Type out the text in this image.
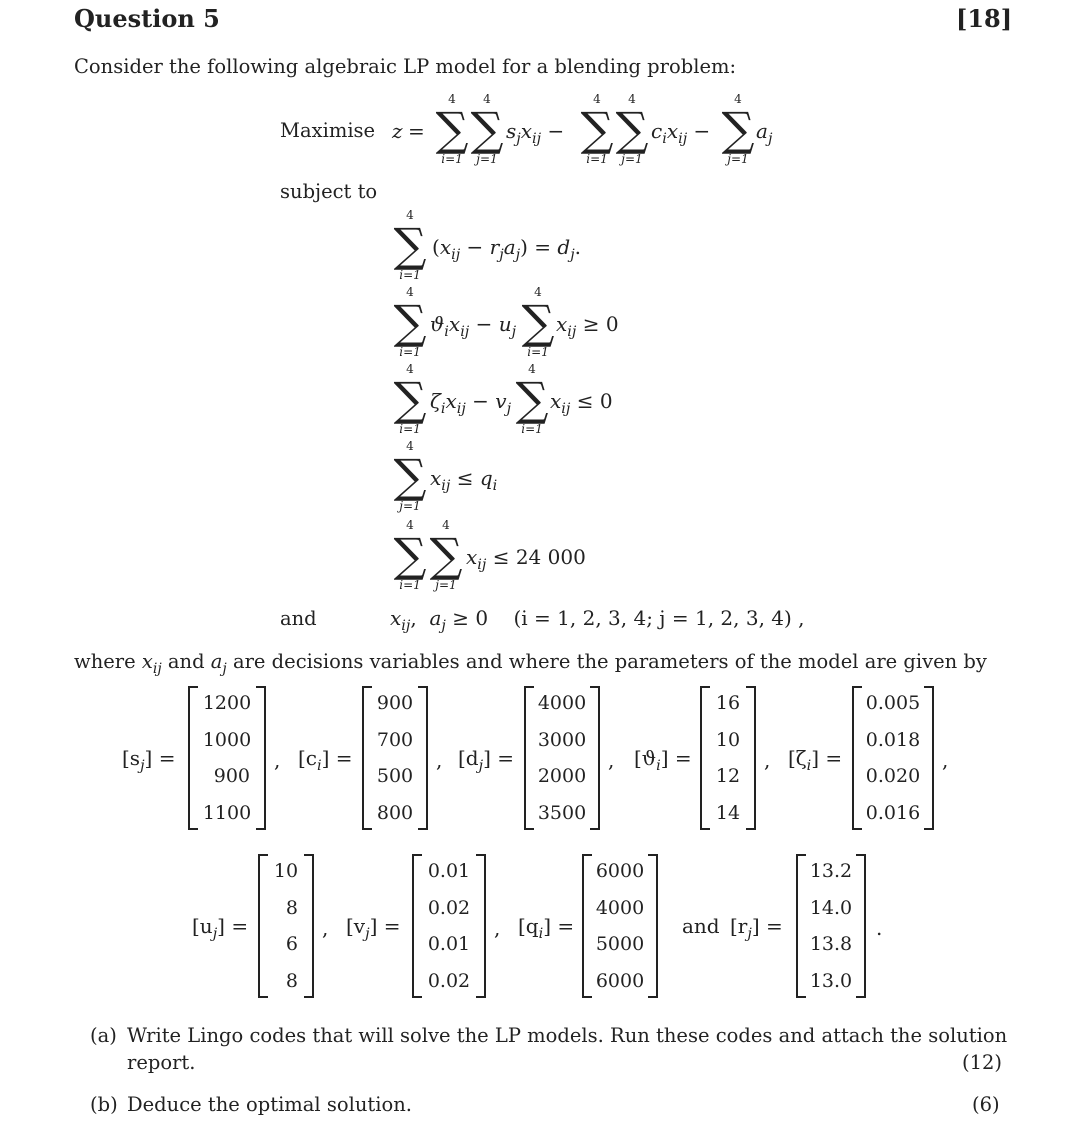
Question 5	[18]
Consider the following algebraic LP model for a blending problem:
Maximise z =
4
∑
i=1
4
∑
j=1
$s_jx_{ij}$ −
4
∑
i=1
4
∑
j=1
$c_ix_{ij}$ −
4
∑
j=1
$a_j$
subject to
4
∑
i=1
$(x_{ij} - r_ja_j) = d_j$.
4
∑
i=1
$ϑ_ix_{ij} - u_j$
4
∑
i=1
$x_{ij} \ge 0$
4
∑
i=1
$\zeta_ix_{ij} - v_j$
4
∑
i=1
$x_{ij} \le 0$
4
∑
j=1
$x_{ij} \le q_i$
4
∑
i=1
4
∑
j=1
$x_{ij} \le 24$ 000
and	$x_{ij}$,  $a_j \ge 0$    (i = 1, 2, 3, 4; j = 1, 2, 3, 4) ,
where $x_{ij}$ and $a_j$ are decisions variables and where the parameters of the model are given by
$[s_j]$ =
1200
1000
900
1100
, $[c_i]$ =
900
700
500
800
, $[d_j]$ =
4000
3000
2000
3500
, $[ϑ_i]$ =
16
10
12
14
, $[\zeta_i]$ =
0.005
0.018
0.020
0.016
,
$[u_j]$ =
10
8
6
8
, $[v_j]$ =
0.01
0.02
0.01
0.02
, $[q_i]$ =
6000
4000
5000
6000
and $[r_j]$ =
13.2
14.0
13.8
13.0
.
(a) Write Lingo codes that will solve the LP models. Run these codes and attach the solution
report.	(12)
(b) Deduce the optimal solution.	(6)
